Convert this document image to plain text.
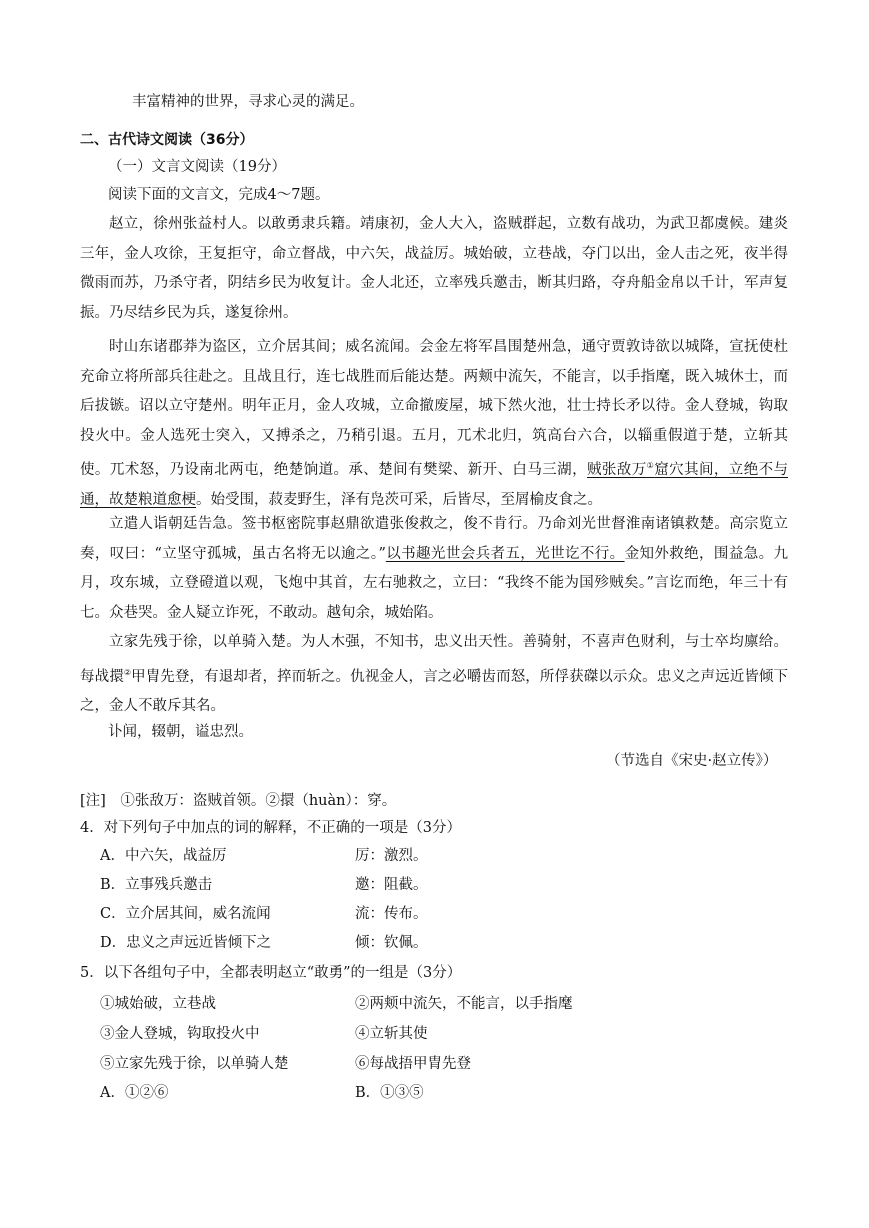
丰富精神的世界，寻求心灵的满足。
二、古代诗文阅读（36分）
（一）文言文阅读（19分）
阅读下面的文言文，完成4～7题。
赵立，徐州张益村人。以敢勇隶兵籍。靖康初，金人大入，盗贼群起，立数有战功，为武卫都虞候。建炎三年，金人攻徐，王复拒守，命立督战，中六矢，战益厉。城始破，立巷战，夺门以出，金人击之死，夜半得微雨而苏，乃杀守者，阴结乡民为收复计。金人北还，立率残兵邀击，断其归路，夺舟船金帛以千计，军声复振。乃尽结乡民为兵，遂复徐州。
时山东诸郡莽为盗区，立介居其间；威名流闻。会金左将军昌围楚州急，通守贾敦诗欲以城降，宣抚使杜充命立将所部兵往赴之。且战且行，连七战胜而后能达楚。两颊中流矢，不能言，以手指麾，既入城休士，而后拔镞。诏以立守楚州。明年正月，金人攻城，立命撤废屋，城下然火池，壮士持长矛以待。金人登城，钩取投火中。金人选死士突入，又搏杀之，乃稍引退。五月，兀术北归，筑高台六合，以辎重假道于楚，立斩其使。兀术怒，乃设南北两屯，绝楚饷道。承、楚间有樊梁、新开、白马三湖，贼张敌万①窟穴其间，立绝不与通，故楚粮道愈梗。始受围，菽麦野生，泽有凫茨可采，后皆尽，至屑榆皮食之。
立遣人诣朝廷告急。签书枢密院事赵鼎欲遣张俊救之，俊不肯行。乃命刘光世督淮南诸镇救楚。高宗览立奏，叹曰：“立坚守孤城，虽古名将无以逾之。”以书趣光世会兵者五，光世讫不行。金知外救绝，围益急。九月，攻东城，立登磴道以观，飞炮中其首，左右驰救之，立曰：“我终不能为国殄贼矣。”言讫而绝，年三十有七。众巷哭。金人疑立诈死，不敢动。越旬余，城始陷。
立家先残于徐，以单骑入楚。为人木强，不知书，忠义出天性。善骑射，不喜声色财利，与士卒均廪给。每战擐②甲胄先登，有退却者，捽而斩之。仇视金人，言之必嚼齿而怒，所俘获磔以示众。忠义之声远近皆倾下之，金人不敢斥其名。
讣闻，辍朝，谥忠烈。
（节选自《宋史·赵立传》）
[注]　①张敌万：盗贼首领。②擐（huàn）：穿。
4．对下列句子中加点的词的解释，不正确的一项是（3分）
A．中六矢，战益厉	厉：激烈。
B．立事残兵邀击	邀：阻截。
C．立介居其间，威名流闻	流：传布。
D．忠义之声远近皆倾下之	倾：钦佩。
5．以下各组句子中，全都表明赵立“敢勇”的一组是（3分）
①城始破，立巷战	②两颊中流矢，不能言，以手指麾
③金人登城，钩取投火中	④立斩其使
⑤立家先残于徐，以单骑人楚	⑥每战捂甲胄先登
A．①②⑥	B．①③⑤
